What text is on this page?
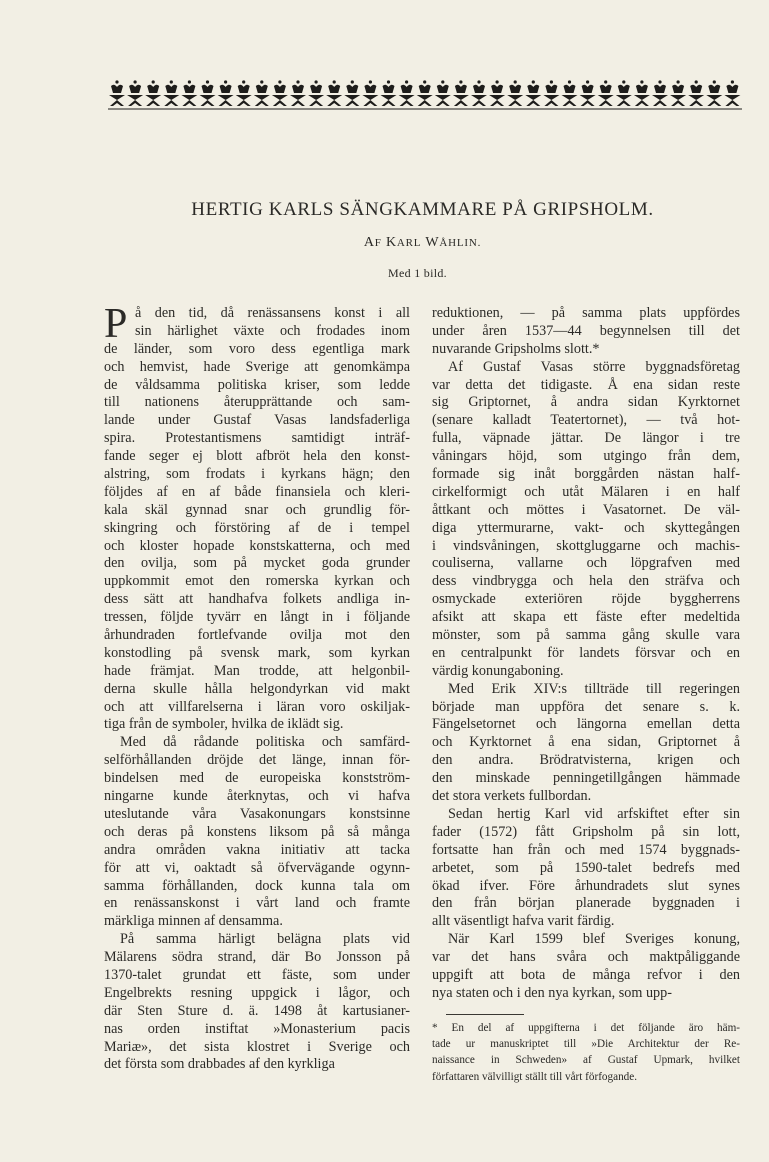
HERTIG KARLS SÄNGKAMMARE PÅ GRIPSHOLM.
AF KARL WÅHLIN.
Med 1 bild.
å den tid, då renässansens konst i all
sin härlighet växte och frodades inom
de länder, som voro dess egentliga mark
och hemvist, hade Sverige att genomkämpa
de våldsamma politiska kriser, som ledde
till nationens återupprättande och sam-
lande under Gustaf Vasas landsfaderliga
spira. Protestantismens samtidigt inträf-
fande seger ej blott afbröt hela den konst-
alstring, som frodats i kyrkans hägn; den
följdes af en af både finansiela och kleri-
kala skäl gynnad snar och grundlig för-
skingring och förstöring af de i tempel
och kloster hopade konstskatterna, och med
den ovilja, som på mycket goda grunder
uppkommit emot den romerska kyrkan och
dess sätt att handhafva folkets andliga in-
tressen, följde tyvärr en långt in i följande
århundraden fortlefvande ovilja mot den
konstodling på svensk mark, som kyrkan
hade främjat. Man trodde, att helgonbil-
derna skulle hålla helgondyrkan vid makt
och att villfarelserna i läran voro oskiljak-
tiga från de symboler, hvilka de iklädt sig.
Med då rådande politiska och samfärd-
selförhållanden dröjde det länge, innan för-
bindelsen med de europeiska konstström-
ningarne kunde återknytas, och vi hafva
uteslutande våra Vasakonungars konstsinne
och deras på konstens liksom på så många
andra områden vakna initiativ att tacka
för att vi, oaktadt så öfvervägande ogynn-
samma förhållanden, dock kunna tala om
en renässanskonst i vårt land och framte
märkliga minnen af densamma.
På samma härligt belägna plats vid
Mälarens södra strand, där Bo Jonsson på
1370-talet grundat ett fäste, som under
Engelbrekts resning uppgick i lågor, och
där Sten Sture d. ä. 1498 åt kartusianer-
nas orden instiftat »Monasterium pacis
Mariæ», det sista klostret i Sverige och
det första som drabbades af den kyrkliga
P	reduktionen, — på samma plats uppfördes
under åren 1537—44 begynnelsen till det
nuvarande Gripsholms slott.*
Af Gustaf Vasas större byggnadsföretag
var detta det tidigaste. Å ena sidan reste
sig Griptornet, å andra sidan Kyrktornet
(senare kalladt Teatertornet), — två hot-
fulla, väpnade jättar. De längor i tre
våningars höjd, som utgingo från dem,
formade sig inåt borggården nästan half-
cirkelformigt och utåt Mälaren i en half
åttkant och möttes i Vasatornet. De väl-
diga yttermurarne, vakt- och skyttegången
i vindsvåningen, skottgluggarne och machis-
couliserna, vallarne och löpgrafven med
dess vindbrygga och hela den sträfva och
osmyckade exteriören röjde byggherrens
afsikt att skapa ett fäste efter medeltida
mönster, som på samma gång skulle vara
en centralpunkt för landets försvar och en
värdig konungaboning.
Med Erik XIV:s tillträde till regeringen
började man uppföra det senare s. k.
Fängelsetornet och längorna emellan detta
och Kyrktornet å ena sidan, Griptornet å
den andra. Brödratvisterna, krigen och
den minskade penningetillgången hämmade
det stora verkets fullbordan.
Sedan hertig Karl vid arfskiftet efter sin
fader (1572) fått Gripsholm på sin lott,
fortsatte han från och med 1574 byggnads-
arbetet, som på 1590-talet bedrefs med
ökad ifver. Före århundradets slut synes
den från början planerade byggnaden i
allt väsentligt hafva varit färdig.
När Karl 1599 blef Sveriges konung,
var det hans svåra och maktpåliggande
uppgift att bota de många refvor i den
nya staten och i den nya kyrkan, som upp-
* En del af uppgifterna i det följande äro häm-
tade ur manuskriptet till »Die Architektur der Re-
naissance in Schweden» af Gustaf Upmark, hvilket
författaren välvilligt ställt till vårt förfogande.
